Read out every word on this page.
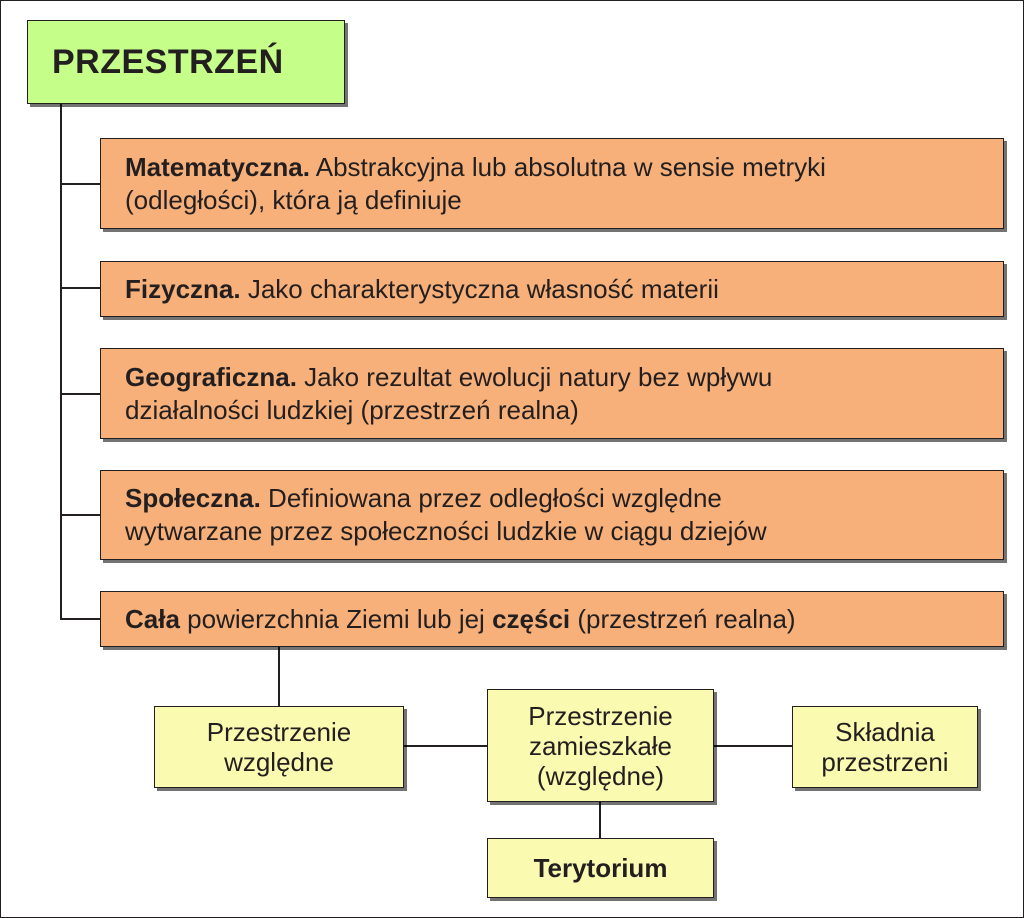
PRZESTRZEŃ
Matematyczna. Abstrakcyjna lub absolutna w sensie metryki
(odległości), która ją definiuje
Fizyczna. Jako charakterystyczna własność materii
Geograficzna. Jako rezultat ewolucji natury bez wpływu
działalności ludzkiej (przestrzeń realna)
Społeczna. Definiowana przez odległości względne
wytwarzane przez społeczności ludzkie w ciągu dziejów
Cała powierzchnia Ziemi lub jej części (przestrzeń realna)
Przestrzenie
względne
Przestrzenie
zamieszkałe
(względne)
Składnia
przestrzeni
Terytorium
